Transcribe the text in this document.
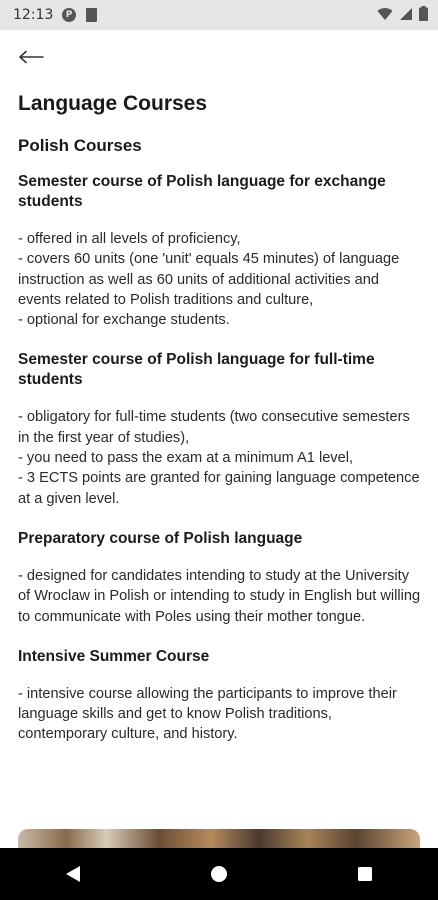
12:13	P
Language Courses
Polish Courses
Semester course of Polish language for exchange students

- offered in all levels of proficiency,
- covers 60 units (one 'unit' equals 45 minutes) of language instruction as well as 60 units of additional activities and events related to Polish traditions and culture,
- optional for exchange students.

Semester course of Polish language for full-time students

- obligatory for full-time students (two consecutive semesters in the first year of studies),
- you need to pass the exam at a minimum A1 level,
- 3 ECTS points are granted for gaining language competence at a given level.

Preparatory course of Polish language

- designed for candidates intending to study at the University of Wroclaw in Polish or intending to study in English but willing to communicate with Poles using their mother tongue.

Intensive Summer Course

- intensive course allowing the participants to improve their language skills and get to know Polish traditions, contemporary culture, and history.
